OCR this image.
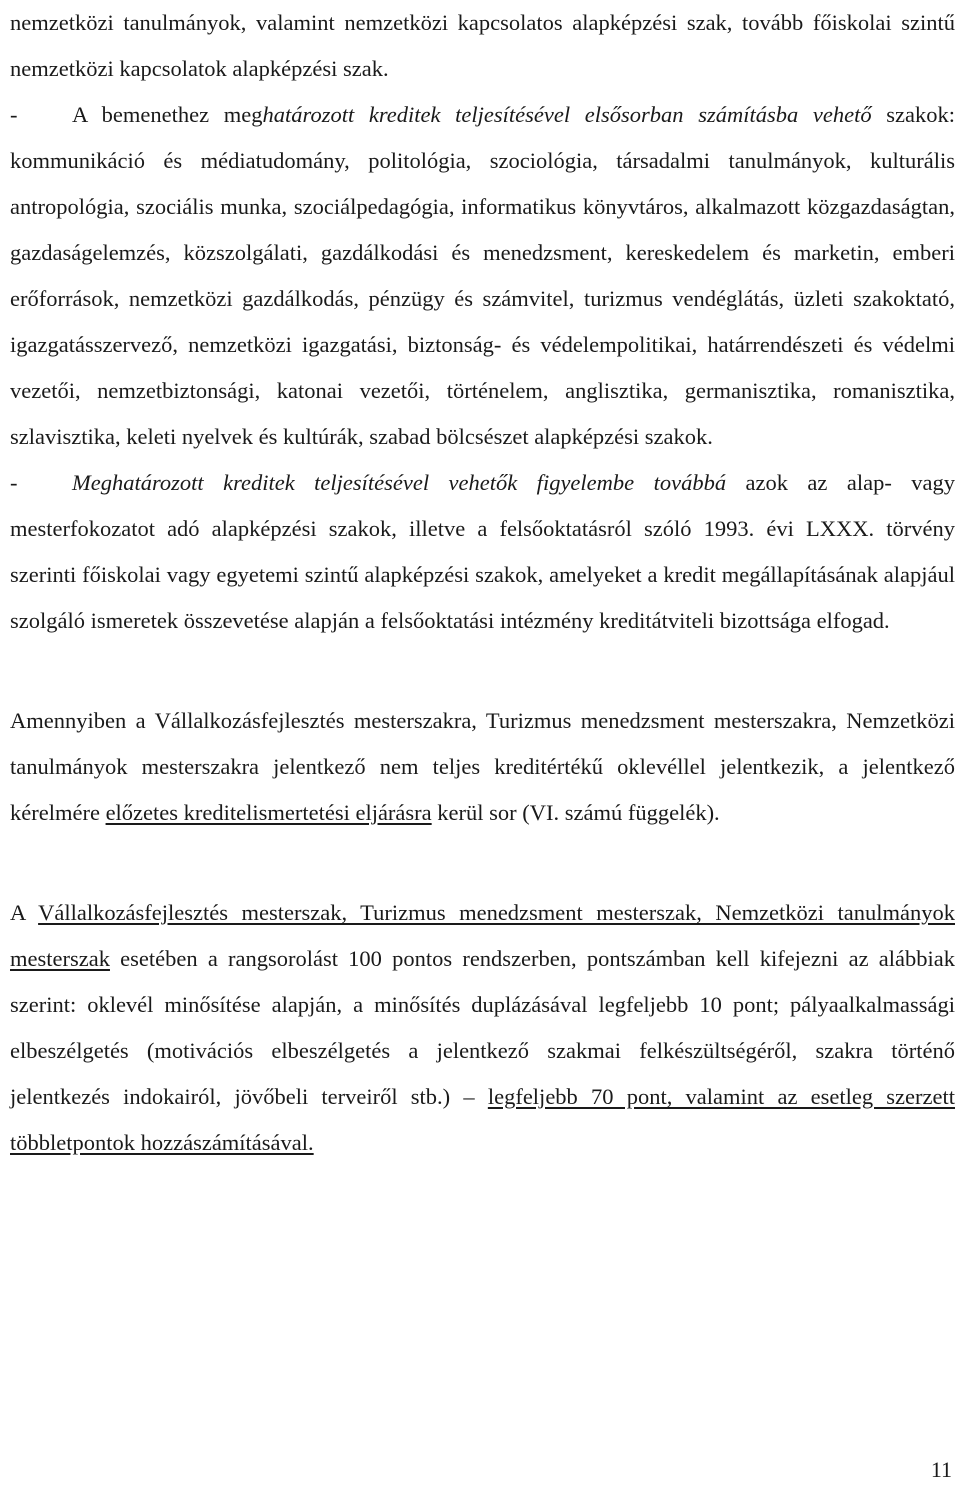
nemzetközi tanulmányok, valamint nemzetközi kapcsolatos alapképzési szak, tovább főiskolai szintű nemzetközi kapcsolatok alapképzési szak.

- A bemenethez meghatározott kreditek teljesítésével elsősorban számításba vehető szakok: kommunikáció és médiatudomány, politológia, szociológia, társadalmi tanulmányok, kulturális antropológia, szociális munka, szociálpedagógia, informatikus könyvtáros, alkalmazott közgazdaságtan, gazdaságelemzés, közszolgálati, gazdálkodási és menedzsment, kereskedelem és marketin, emberi erőforrások, nemzetközi gazdálkodás, pénzügy és számvitel, turizmus vendéglátás, üzleti szakoktató, igazgatásszervező, nemzetközi igazgatási, biztonság- és védelempolitikai, határrendészeti és védelmi vezetői, nemzetbiztonsági, katonai vezetői, történelem, anglisztika, germanisztika, romanisztika, szlavisztika, keleti nyelvek és kultúrák, szabad bölcsészet alapképzési szakok.

- Meghatározott kreditek teljesítésével vehetők figyelembe továbbá azok az alap- vagy mesterfokozatot adó alapképzési szakok, illetve a felsőoktatásról szóló 1993. évi LXXX. törvény szerinti főiskolai vagy egyetemi szintű alapképzési szakok, amelyeket a kredit megállapításának alapjául szolgáló ismeretek összevetése alapján a felsőoktatási intézmény kreditátviteli bizottsága elfogad.

Amennyiben a Vállalkozásfejlesztés mesterszakra, Turizmus menedzsment mesterszakra, Nemzetközi tanulmányok mesterszakra jelentkező nem teljes kreditértékű oklevéllel jelentkezik, a jelentkező kérelmére előzetes kreditelismertetési eljárásra kerül sor (VI. számú függelék).

A Vállalkozásfejlesztés mesterszak, Turizmus menedzsment mesterszak, Nemzetközi tanulmányok mesterszak esetében a rangsorolást 100 pontos rendszerben, pontszámban kell kifejezni az alábbiak szerint: oklevél minősítése alapján, a minősítés duplázásával legfeljebb 10 pont; pályaalkalmassági elbeszélgetés (motivációs elbeszélgetés a jelentkező szakmai felkészültségéről, szakra történő jelentkezés indokairól, jövőbeli terveiről stb.) – legfeljebb 70 pont, valamint az esetleg szerzett többletpontok hozzászámításával.

11
